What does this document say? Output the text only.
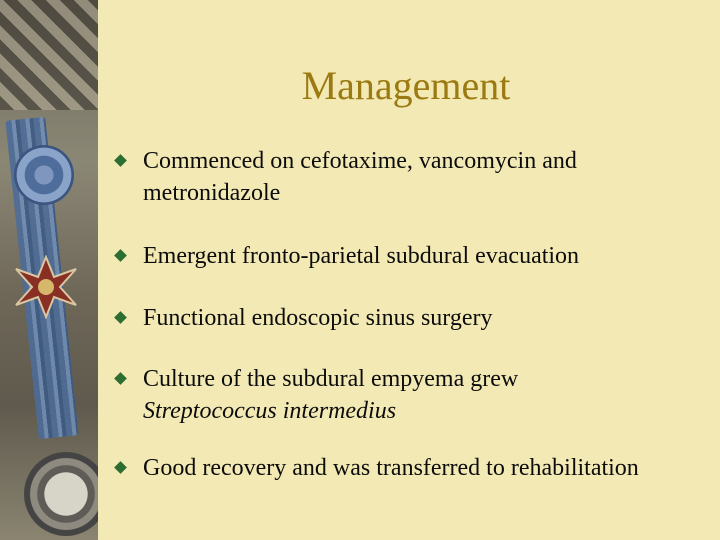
Management
Commenced on cefotaxime, vancomycin and metronidazole
Emergent fronto-parietal subdural evacuation
Functional endoscopic sinus surgery
Culture of the subdural empyema grew
Streptococcus intermedius
Good recovery and was transferred to rehabilitation
